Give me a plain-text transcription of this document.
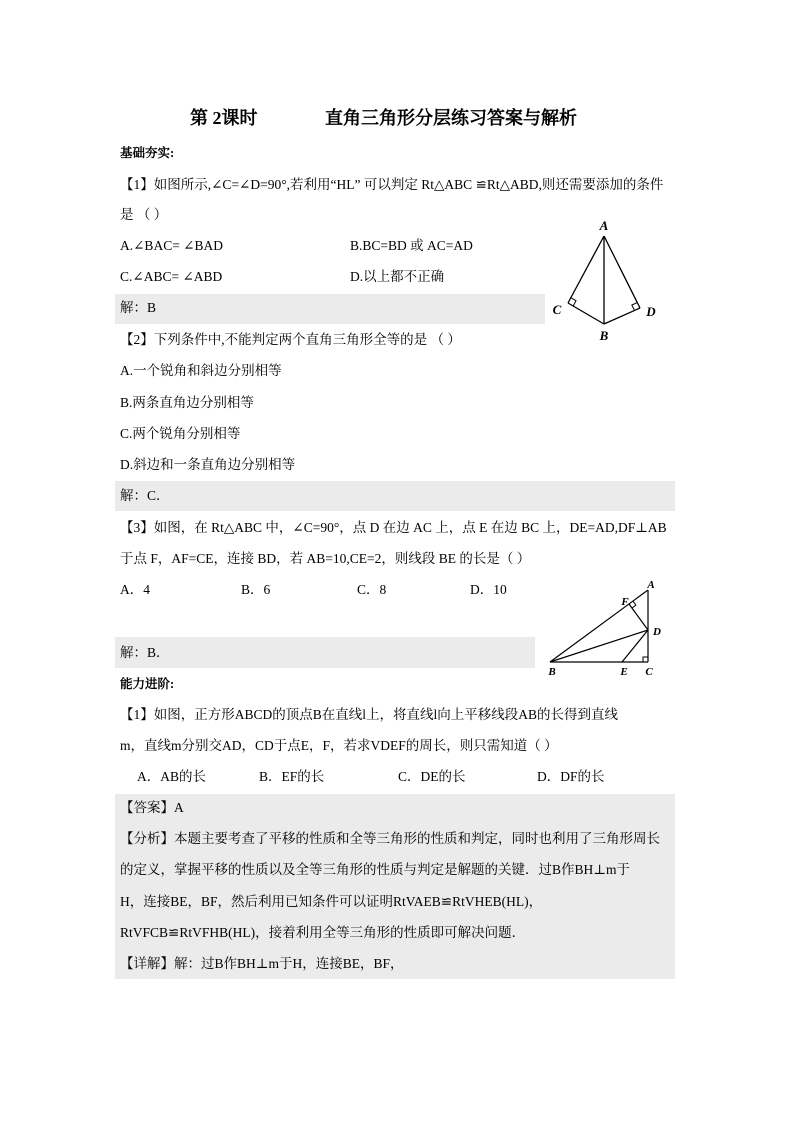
第 2课时	直角三角形分层练习答案与解析
基础夯实:
【1】如图所示,∠C=∠D=90°,若利用“HL” 可以判定 Rt△ABC ≌Rt△ABD,则还需要添加的条件
是 （ ）
A.∠BAC= ∠BAD	B.BC=BD 或 AC=AD
C.∠ABC= ∠ABD	D.以上都不正确
解：B
A
C	D
B
【2】下列条件中,不能判定两个直角三角形全等的是 （ ）
A.一个锐角和斜边分别相等
B.两条直角边分别相等
C.两个锐角分别相等
D.斜边和一条直角边分别相等
解：C．
【3】如图，在 Rt△ABC 中，∠C=90°，点 D 在边 AC 上，点 E 在边 BC 上，DE=AD,DF⊥AB
于点 F，AF=CE，连接 BD，若 AB=10,CE=2，则线段 BE 的长是（ ）
A．4	B．6	C．8	D．10
解：B．
A
F
D
B	E C
能力进阶:
【1】如图，正方形ABCD的顶点B在直线l上，将直线l向上平移线段AB的长得到直线
m，直线m分别交AD，CD于点E，F，若求VDEF的周长，则只需知道（ ）
A．AB的长	B．EF的长	C．DE的长	D．DF的长
【答案】A
【分析】本题主要考查了平移的性质和全等三角形的性质和判定，同时也利用了三角形周长
的定义，掌握平移的性质以及全等三角形的性质与判定是解题的关键．过B作BH⊥m于
H，连接BE，BF，然后利用已知条件可以证明RtVAEB≌RtVHEB(HL)，
RtVFCB≌RtVFHB(HL)，接着利用全等三角形的性质即可解决问题．
【详解】解：过B作BH⊥m于H，连接BE，BF，
